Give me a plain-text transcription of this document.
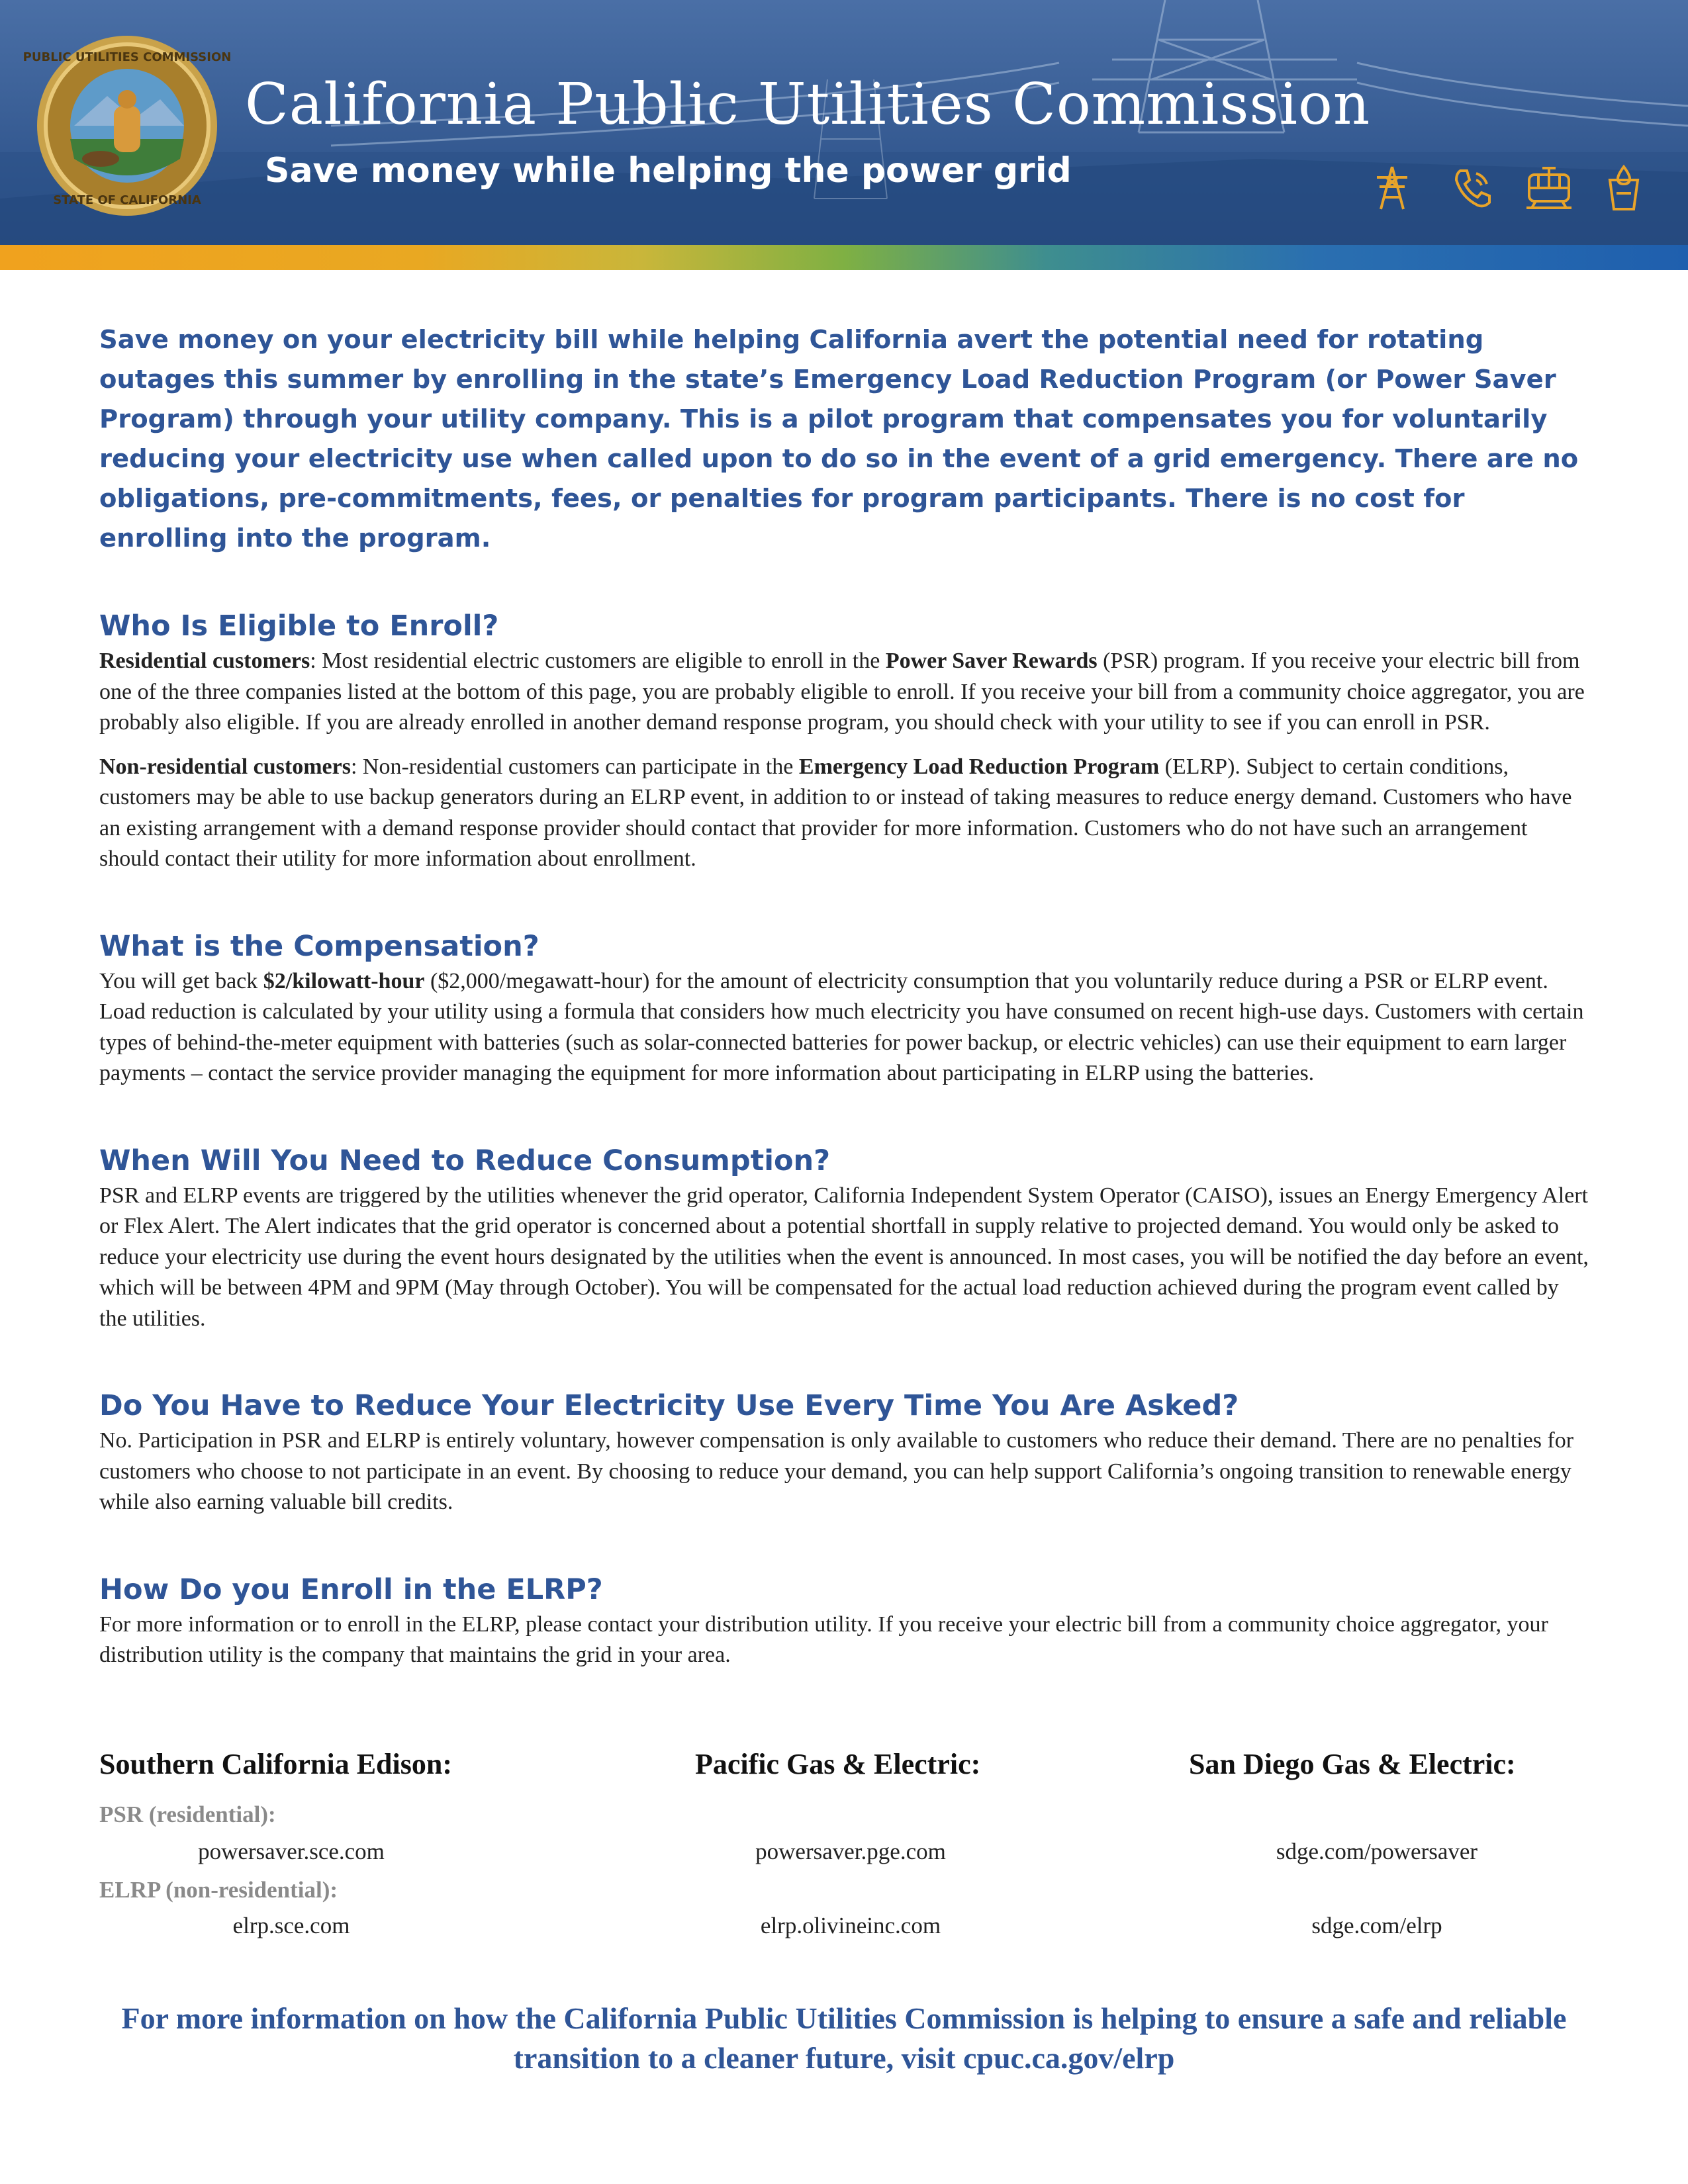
PUBLIC UTILITIES COMMISSION
STATE OF CALIFORNIA
California Public Utilities Commission
Save money while helping the power grid

Save money on your electricity bill while helping California avert the potential need for rotating outages this summer by enrolling in the state’s Emergency Load Reduction Program (or Power Saver Program) through your utility company. This is a pilot program that compensates you for voluntarily reducing your electricity use when called upon to do so in the event of a grid emergency. There are no obligations, pre-commitments, fees, or penalties for program participants. There is no cost for enrolling into the program.

Who Is Eligible to Enroll?

Residential customers: Most residential electric customers are eligible to enroll in the Power Saver Rewards (PSR) program. If you receive your electric bill from one of the three companies listed at the bottom of this page, you are probably eligible to enroll. If you receive your bill from a community choice aggregator, you are probably also eligible. If you are already enrolled in another demand response program, you should check with your utility to see if you can enroll in PSR.

Non-residential customers: Non-residential customers can participate in the Emergency Load Reduction Program (ELRP). Subject to certain conditions, customers may be able to use backup generators during an ELRP event, in addition to or instead of taking measures to reduce energy demand. Customers who have an existing arrangement with a demand response provider should contact that provider for more information. Customers who do not have such an arrangement should contact their utility for more information about enrollment.

What is the Compensation?

You will get back $2/kilowatt-hour ($2,000/megawatt-hour) for the amount of electricity consumption that you voluntarily reduce during a PSR or ELRP event. Load reduction is calculated by your utility using a formula that considers how much electricity you have consumed on recent high-use days. Customers with certain types of behind-the-meter equipment with batteries (such as solar-connected batteries for power backup, or electric vehicles) can use their equipment to earn larger payments – contact the service provider managing the equipment for more information about participating in ELRP using the batteries.

When Will You Need to Reduce Consumption?

PSR and ELRP events are triggered by the utilities whenever the grid operator, California Independent System Operator (CAISO), issues an Energy Emergency Alert or Flex Alert. The Alert indicates that the grid operator is concerned about a potential shortfall in supply relative to projected demand. You would only be asked to reduce your electricity use during the event hours designated by the utilities when the event is announced. In most cases, you will be notified the day before an event, which will be between 4PM and 9PM (May through October). You will be compensated for the actual load reduction achieved during the program event called by the utilities.

Do You Have to Reduce Your Electricity Use Every Time You Are Asked?

No. Participation in PSR and ELRP is entirely voluntary, however compensation is only available to customers who reduce their demand. There are no penalties for customers who choose to not participate in an event. By choosing to reduce your demand, you can help support California’s ongoing transition to renewable energy while also earning valuable bill credits.

How Do you Enroll in the ELRP?

For more information or to enroll in the ELRP, please contact your distribution utility. If you receive your electric bill from a community choice aggregator, your distribution utility is the company that maintains the grid in your area.

Southern California Edison:	Pacific Gas & Electric:	San Diego Gas & Electric:
PSR (residential):
ELRP (non-residential):
powersaver.sce.com
elrp.sce.com
powersaver.pge.com
elrp.olivineinc.com
sdge.com/powersaver
sdge.com/elrp
For more information on how the California Public Utilities Commission is helping to ensure a safe and reliable transition to a cleaner future, visit cpuc.ca.gov/elrp
